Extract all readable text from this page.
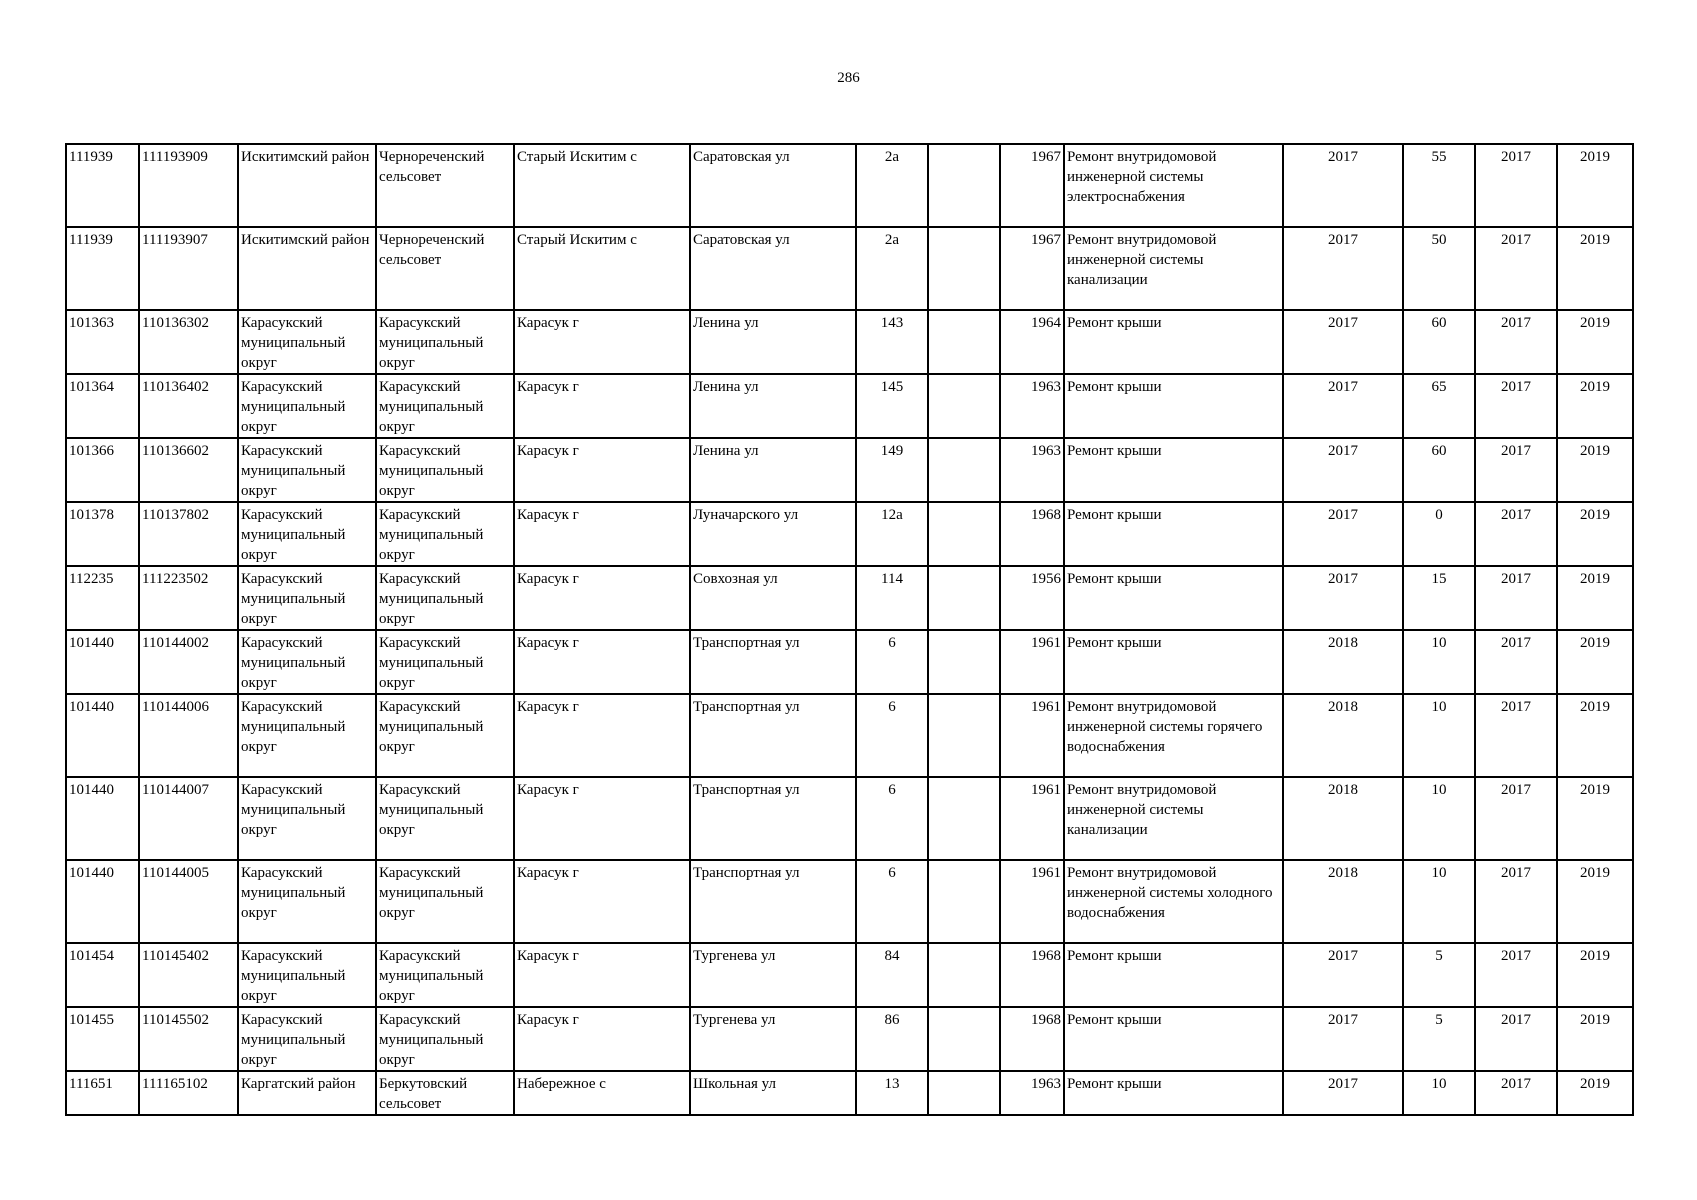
286
111939	111193909	Искитимский район	Черноречeнский сельсовет	Старый Искитим с	Саратовская ул	2а		1967	Ремонт внутридомовой инженерной системы электроснабжения	2017	55	2017	2019
111939	111193907	Искитимский район	Черноречeнский сельсовет	Старый Искитим с	Саратовская ул	2а		1967	Ремонт внутридомовой инженерной системы канализации	2017	50	2017	2019
101363	110136302	Карасукский муниципальный округ	Карасукский муниципальный округ	Карасук г	Ленина ул	143		1964	Ремонт крыши	2017	60	2017	2019
101364	110136402	Карасукский муниципальный округ	Карасукский муниципальный округ	Карасук г	Ленина ул	145		1963	Ремонт крыши	2017	65	2017	2019
101366	110136602	Карасукский муниципальный округ	Карасукский муниципальный округ	Карасук г	Ленина ул	149		1963	Ремонт крыши	2017	60	2017	2019
101378	110137802	Карасукский муниципальный округ	Карасукский муниципальный округ	Карасук г	Луначарского ул	12а		1968	Ремонт крыши	2017	0	2017	2019
112235	111223502	Карасукский муниципальный округ	Карасукский муниципальный округ	Карасук г	Совхозная ул	114		1956	Ремонт крыши	2017	15	2017	2019
101440	110144002	Карасукский муниципальный округ	Карасукский муниципальный округ	Карасук г	Транспортная ул	6		1961	Ремонт крыши	2018	10	2017	2019
101440	110144006	Карасукский муниципальный округ	Карасукский муниципальный округ	Карасук г	Транспортная ул	6		1961	Ремонт внутридомовой инженерной системы горячего водоснабжения	2018	10	2017	2019
101440	110144007	Карасукский муниципальный округ	Карасукский муниципальный округ	Карасук г	Транспортная ул	6		1961	Ремонт внутридомовой инженерной системы канализации	2018	10	2017	2019
101440	110144005	Карасукский муниципальный округ	Карасукский муниципальный округ	Карасук г	Транспортная ул	6		1961	Ремонт внутридомовой инженерной системы холодного водоснабжения	2018	10	2017	2019
101454	110145402	Карасукский муниципальный округ	Карасукский муниципальный округ	Карасук г	Тургенева ул	84		1968	Ремонт крыши	2017	5	2017	2019
101455	110145502	Карасукский муниципальный округ	Карасукский муниципальный округ	Карасук г	Тургенева ул	86		1968	Ремонт крыши	2017	5	2017	2019
111651	111165102	Каргатский район	Беркутовский сельсовет	Набережное с	Школьная ул	13		1963	Ремонт крыши	2017	10	2017	2019
